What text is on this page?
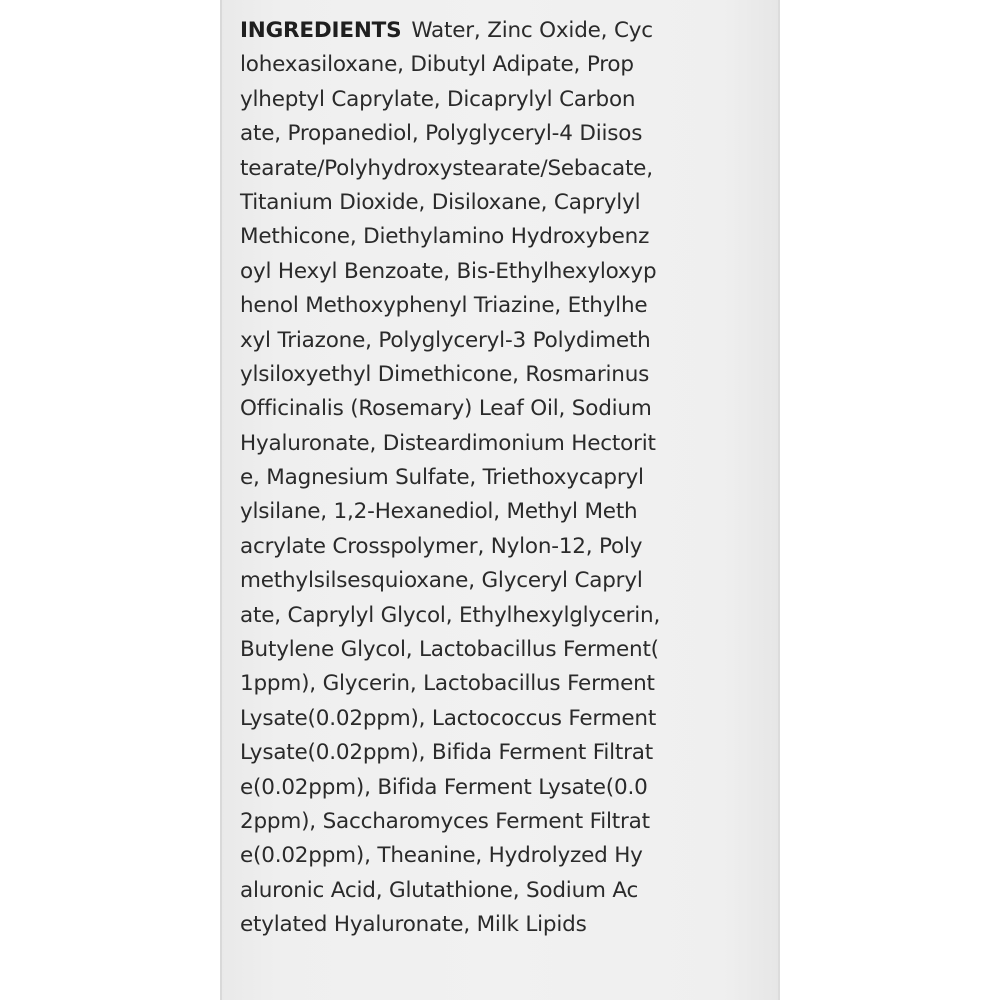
INGREDIENTS Water, Zinc Oxide, Cyc
lohexasiloxane, Dibutyl Adipate, Prop
ylheptyl Caprylate, Dicaprylyl Carbon
ate, Propanediol, Polyglyceryl-4 Diisos
tearate/Polyhydroxystearate/Sebacate,
Titanium Dioxide, Disiloxane, Caprylyl
Methicone, Diethylamino Hydroxybenz
oyl Hexyl Benzoate, Bis-Ethylhexyloxyp
henol Methoxyphenyl Triazine, Ethylhe
xyl Triazone, Polyglyceryl-3 Polydimeth
ylsiloxyethyl Dimethicone, Rosmarinus
Officinalis (Rosemary) Leaf Oil, Sodium
Hyaluronate, Disteardimonium Hectorit
e, Magnesium Sulfate, Triethoxycapryl
ylsilane, 1,2-Hexanediol, Methyl Meth
acrylate Crosspolymer, Nylon-12, Poly
methylsilsesquioxane, Glyceryl Capryl
ate, Caprylyl Glycol, Ethylhexylglycerin,
Butylene Glycol, Lactobacillus Ferment(
1ppm), Glycerin, Lactobacillus Ferment
Lysate(0.02ppm), Lactococcus Ferment
Lysate(0.02ppm), Bifida Ferment Filtrat
e(0.02ppm), Bifida Ferment Lysate(0.0
2ppm), Saccharomyces Ferment Filtrat
e(0.02ppm), Theanine, Hydrolyzed Hy
aluronic Acid, Glutathione, Sodium Ac
etylated Hyaluronate, Milk Lipids
